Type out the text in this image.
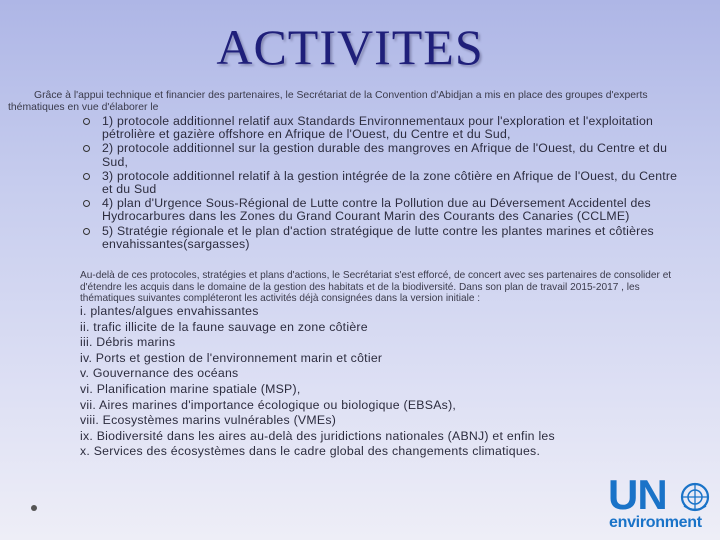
ACTIVITES
Grâce à l'appui technique et financier des partenaires, le Secrétariat de la Convention d'Abidjan a mis en place des groupes d'experts thématiques en vue d'élaborer le
1) protocole additionnel relatif aux Standards Environnementaux pour l'exploration et l'exploitation pétrolière et gazière offshore en Afrique de l'Ouest, du Centre et du Sud,
2) protocole additionnel sur la gestion durable des mangroves en Afrique de l'Ouest, du Centre et du Sud,
3) protocole additionnel relatif à la gestion intégrée de la zone côtière en Afrique de l'Ouest, du Centre et du Sud
4) plan d'Urgence Sous-Régional de Lutte contre la Pollution due au Déversement Accidentel des Hydrocarbures dans les Zones du Grand Courant Marin des Courants des Canaries (CCLME)
5) Stratégie régionale et le plan d'action stratégique de lutte contre les plantes marines et côtières envahissantes(sargasses)
Au-delà de ces protocoles, stratégies et plans d'actions, le Secrétariat s'est efforcé, de concert avec ses partenaires de consolider et d'étendre les acquis dans le domaine de la gestion des habitats et de la biodiversité. Dans son plan de travail 2015-2017 , les thématiques suivantes compléteront les activités déjà consignées dans la version initiale :
i. plantes/algues envahissantes
ii. trafic illicite de la faune sauvage en zone côtière
iii. Débris marins
iv. Ports et gestion de l'environnement marin et côtier
v. Gouvernance des océans
vi. Planification marine spatiale (MSP),
vii. Aires marines d'importance écologique ou biologique (EBSAs),
viii. Ecosystèmes marins vulnérables (VMEs)
ix. Biodiversité dans les aires au-delà des juridictions nationales (ABNJ) et enfin les
x. Services des écosystèmes dans le cadre global des changements climatiques.
UN
environment
